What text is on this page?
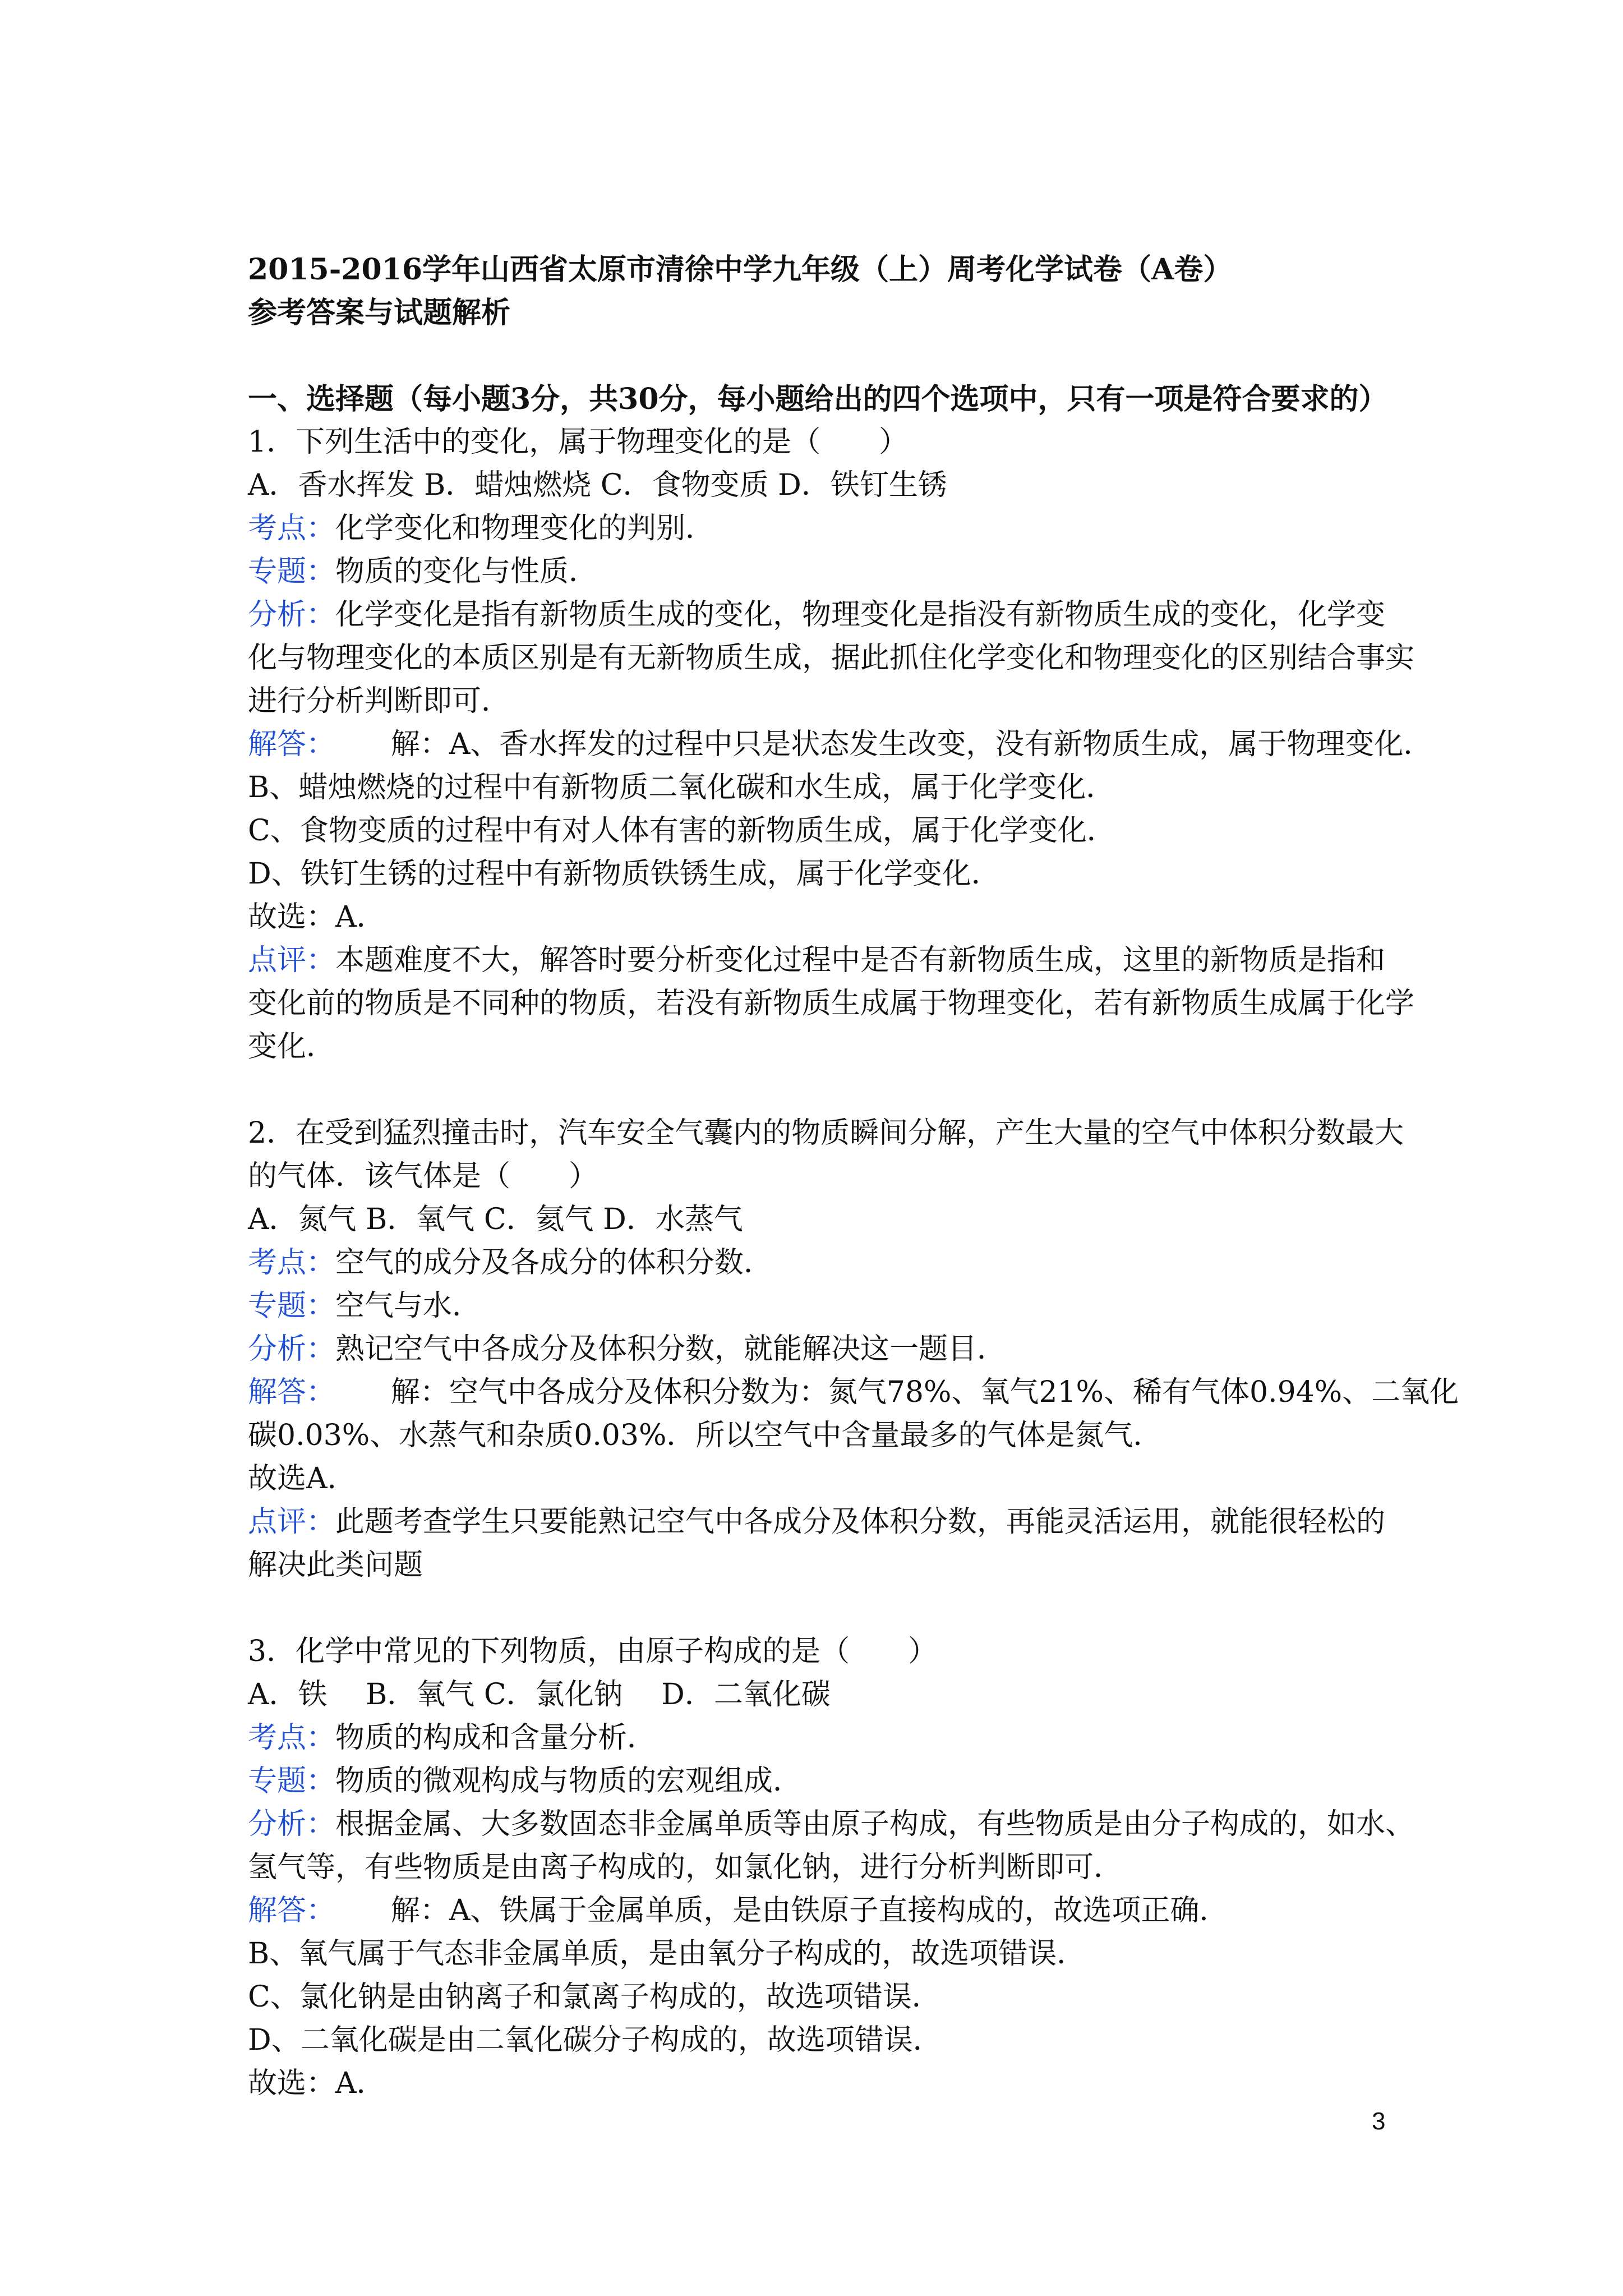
2015-2016学年山西省太原市清徐中学九年级（上）周考化学试卷（A卷）
参考答案与试题解析
一、选择题（每小题3分，共30分，每小题给出的四个选项中，只有一项是符合要求的）
1．下列生活中的变化，属于物理变化的是（　　）
A．香水挥发 B．蜡烛燃烧 C．食物变质 D．铁钉生锈
考点：化学变化和物理变化的判别．
专题：物质的变化与性质．
分析：化学变化是指有新物质生成的变化，物理变化是指没有新物质生成的变化，化学变
化与物理变化的本质区别是有无新物质生成，据此抓住化学变化和物理变化的区别结合事实
进行分析判断即可．
解答： 解：A、香水挥发的过程中只是状态发生改变，没有新物质生成，属于物理变化．
B、蜡烛燃烧的过程中有新物质二氧化碳和水生成，属于化学变化．
C、食物变质的过程中有对人体有害的新物质生成，属于化学变化．
D、铁钉生锈的过程中有新物质铁锈生成，属于化学变化．
故选：A．
点评：本题难度不大，解答时要分析变化过程中是否有新物质生成，这里的新物质是指和
变化前的物质是不同种的物质，若没有新物质生成属于物理变化，若有新物质生成属于化学
变化．
2．在受到猛烈撞击时，汽车安全气囊内的物质瞬间分解，产生大量的空气中体积分数最大
的气体．该气体是（　　）
A．氮气 B．氧气 C．氦气 D．水蒸气
考点：空气的成分及各成分的体积分数．
专题：空气与水．
分析：熟记空气中各成分及体积分数，就能解决这一题目．
解答： 解：空气中各成分及体积分数为：氮气78%、氧气21%、稀有气体0.94%、二氧化
碳0.03%、水蒸气和杂质0.03%．所以空气中含量最多的气体是氮气．
故选A．
点评：此题考查学生只要能熟记空气中各成分及体积分数，再能灵活运用，就能很轻松的
解决此类问题
3．化学中常见的下列物质，由原子构成的是（　　）
A．铁　 B．氧气 C．氯化钠　 D．二氧化碳
考点：物质的构成和含量分析．
专题：物质的微观构成与物质的宏观组成．
分析：根据金属、大多数固态非金属单质等由原子构成，有些物质是由分子构成的，如水、
氢气等，有些物质是由离子构成的，如氯化钠，进行分析判断即可．
解答： 解：A、铁属于金属单质，是由铁原子直接构成的，故选项正确．
B、氧气属于气态非金属单质，是由氧分子构成的，故选项错误．
C、氯化钠是由钠离子和氯离子构成的，故选项错误．
D、二氧化碳是由二氧化碳分子构成的，故选项错误．
故选：A．
3
